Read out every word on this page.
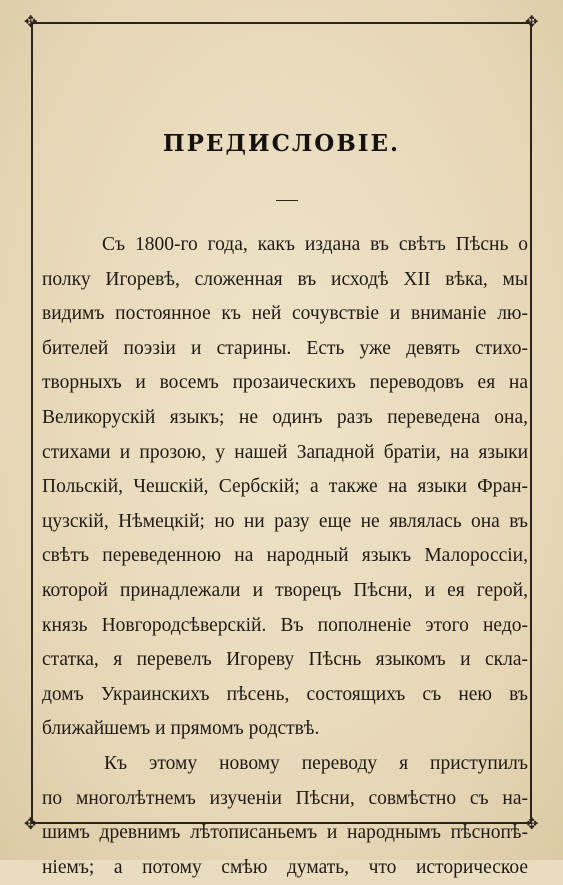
✥	✥
✥	✥
ПРЕДИСЛОВІЕ.
Съ 1800-го года, какъ издана въ свѣтъ Пѣснь о
полку Игоревѣ, сложенная въ исходѣ XII вѣка, мы
видимъ постоянное къ ней сочувствіе и вниманіе лю-
бителей поэзіи и старины. Есть уже девять стихо-
творныхъ и восемъ прозаическихъ переводовъ ея на
Великорускій языкъ; не одинъ разъ переведена она,
стихами и прозою, у нашей Западной братіи, на языки
Польскій, Чешскій, Сербскій; а также на языки Фран-
цузскій, Нѣмецкій; но ни разу еще не являлась она въ
свѣтъ переведенною на народный языкъ Малороссіи,
которой принадлежали и творецъ Пѣсни, и ея герой,
князь Новгородсѣверскій. Въ пополненіе этого недо-
статка, я перевелъ Игореву Пѣснь языкомъ и скла-
домъ Украинскихъ пѣсень, состоящихъ съ нею въ
ближайшемъ и прямомъ родствѣ.
Къ этому новому переводу я приступилъ
по многолѣтнемъ изученіи Пѣсни, совмѣстно съ на-
шимъ древнимъ лѣтописаньемъ и народнымъ пѣснопѣ-
ніемъ; а потому смѣю думать, что историческое
